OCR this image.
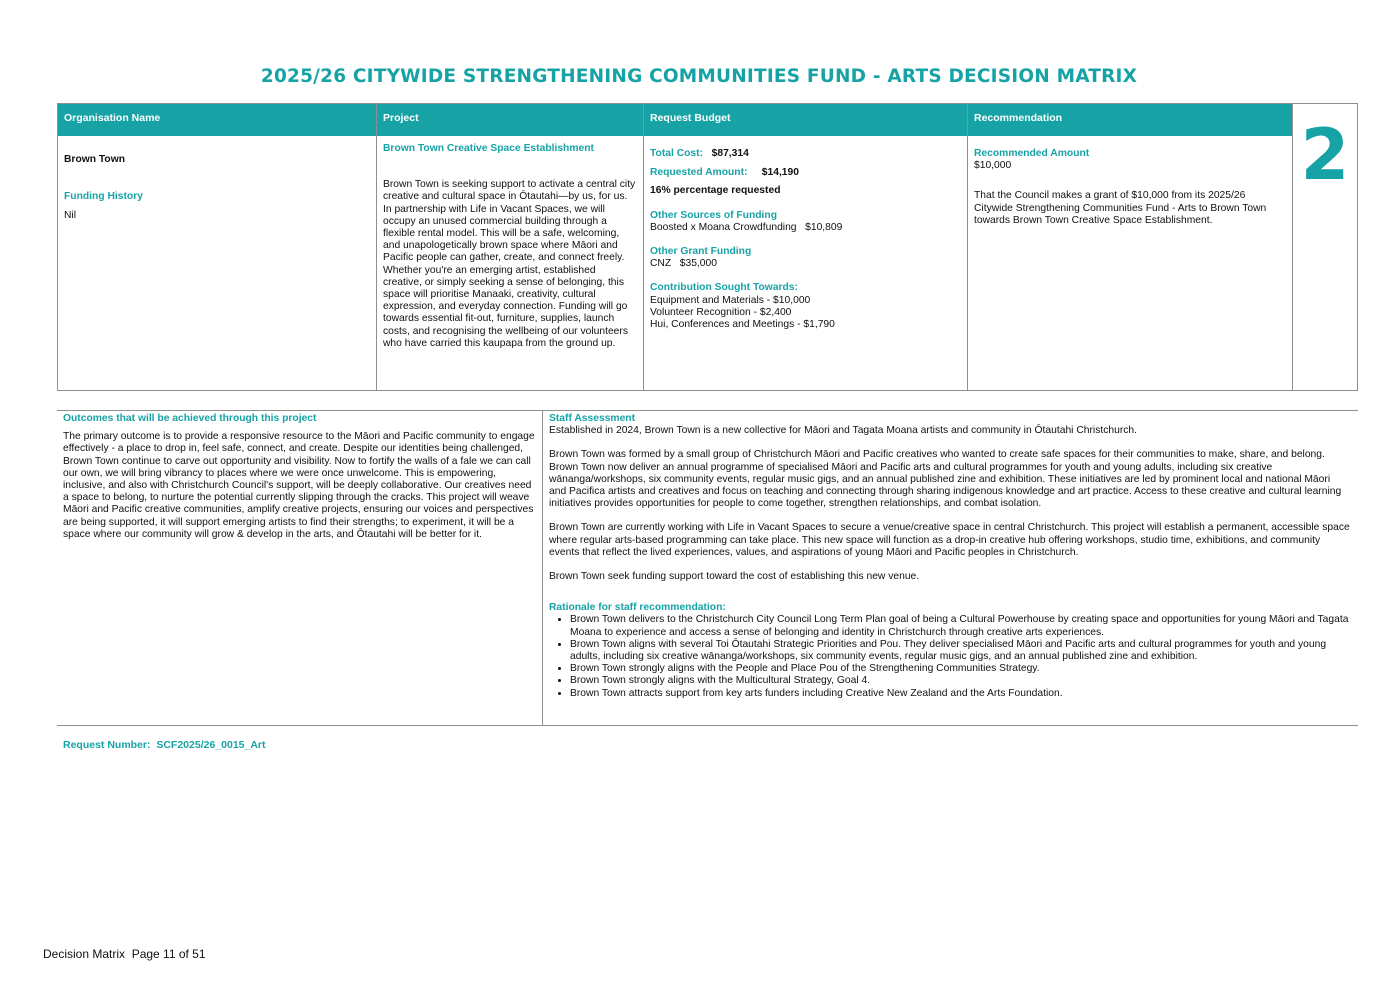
2025/26 CITYWIDE STRENGTHENING COMMUNITIES FUND - ARTS DECISION MATRIX
Organisation Name
Brown Town
Funding History
Nil
Project
Brown Town Creative Space Establishment

Brown Town is seeking support to activate a central city creative and cultural space in Ōtautahi—by us, for us. In partnership with Life in Vacant Spaces, we will occupy an unused commercial building through a flexible rental model. This will be a safe, welcoming, and unapologetically brown space where Māori and Pacific people can gather, create, and connect freely. Whether you're an emerging artist, established creative, or simply seeking a sense of belonging, this space will prioritise Manaaki, creativity, cultural expression, and everyday connection. Funding will go towards essential fit-out, furniture, supplies, launch costs, and recognising the wellbeing of our volunteers who have carried this kaupapa from the ground up.

Request Budget
Total Cost: $87,314
Requested Amount: $14,190
16% percentage requested
Other Sources of Funding
Boosted x Moana Crowdfunding   $10,809
Other Grant Funding
CNZ   $35,000
Contribution Sought Towards:
Equipment and Materials - $10,000
Volunteer Recognition - $2,400
Hui, Conferences and Meetings - $1,790
Recommendation
Recommended Amount
$10,000

That the Council makes a grant of $10,000 from its 2025/26 Citywide Strengthening Communities Fund - Arts to Brown Town towards Brown Town Creative Space Establishment.

2
Outcomes that will be achieved through this project

The primary outcome is to provide a responsive resource to the Māori and Pacific community to engage effectively - a place to drop in, feel safe, connect, and create. Despite our identities being challenged, Brown Town continue to carve out opportunity and visibility. Now to fortify the walls of a fale we can call our own, we will bring vibrancy to places where we were once unwelcome. This is empowering, inclusive, and also with Christchurch Council's support, will be deeply collaborative. Our creatives need a space to belong, to nurture the potential currently slipping through the cracks. This project will weave Māori and Pacific creative communities, amplify creative projects, ensuring our voices and perspectives are being supported, it will support emerging artists to find their strengths; to experiment, it will be a space where our community will grow & develop in the arts, and Ōtautahi will be better for it.

Staff Assessment

Established in 2024, Brown Town is a new collective for Māori and Tagata Moana artists and community in Ōtautahi Christchurch.

Brown Town was formed by a small group of Christchurch Māori and Pacific creatives who wanted to create safe spaces for their communities to make, share, and belong. Brown Town now deliver an annual programme of specialised Māori and Pacific arts and cultural programmes for youth and young adults, including six creative wānanga/workshops, six community events, regular music gigs, and an annual published zine and exhibition. These initiatives are led by prominent local and national Māori and Pacifica artists and creatives and focus on teaching and connecting through sharing indigenous knowledge and art practice. Access to these creative and cultural learning initiatives provides opportunities for people to come together, strengthen relationships, and combat isolation.

Brown Town are currently working with Life in Vacant Spaces to secure a venue/creative space in central Christchurch. This project will establish a permanent, accessible space where regular arts-based programming can take place. This new space will function as a drop-in creative hub offering workshops, studio time, exhibitions, and community events that reflect the lived experiences, values, and aspirations of young Māori and Pacific peoples in Christchurch.

Brown Town seek funding support toward the cost of establishing this new venue.

Rationale for staff recommendation:
• Brown Town delivers to the Christchurch City Council Long Term Plan goal of being a Cultural Powerhouse by creating space and opportunities for young Māori and Tagata Moana to experience and access a sense of belonging and identity in Christchurch through creative arts experiences.
• Brown Town aligns with several Toi Ōtautahi Strategic Priorities and Pou. They deliver specialised Māori and Pacific arts and cultural programmes for youth and young adults, including six creative wānanga/workshops, six community events, regular music gigs, and an annual published zine and exhibition.
• Brown Town strongly aligns with the People and Place Pou of the Strengthening Communities Strategy.
• Brown Town strongly aligns with the Multicultural Strategy, Goal 4.
• Brown Town attracts support from key arts funders including Creative New Zealand and the Arts Foundation.
Request Number:  SCF2025/26_0015_Art
Decision Matrix  Page 11 of 51
